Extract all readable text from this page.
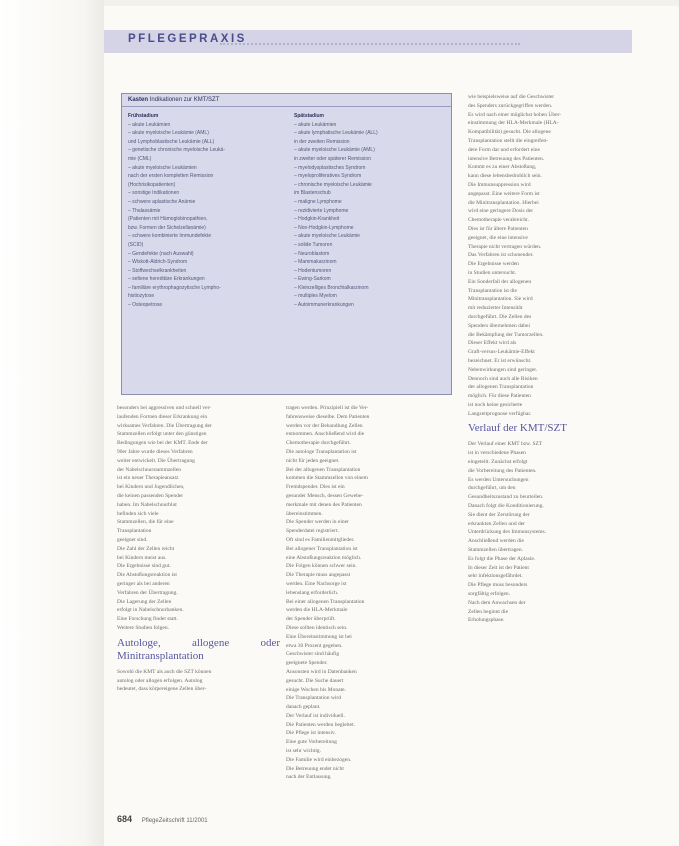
PFLEGEPRAXIS
Kasten Indikationen zur KMT/SZT
Frühstadium
– akute Leukämien
– akute myeloische Leukämie (AML)
und Lymphoblastische Leukämie (ALL)
– genetische chronische myeloische Leukä-
mie (CML)
– akute myeloische Leukämien
nach der ersten kompletten Remission
(Hochrisikopatienten)
– sonstige Indikationen
– schwere aplastische Anämie
– Thalassämie
(Patienten mit Hämoglobinopathien,
bzw. Formen der Sichelzellanämie)
– schwere kombinierte Immundefekte
(SCID)
– Gendefekte (nach Auswahl)
– Wiskott-Aldrich-Syndrom
– Stoffwechselkrankheiten
– seltene hereditäre Erkrankungen
– familiäre erythrophagozytische Lympho-
histiozytose
– Osteopetrose
Spätstadium
– akute Leukämien
– akute lymphatische Leukämie (ALL)
in der zweiten Remission
– akute myeloische Leukämie (AML)
in zweiter oder späterer Remission
– myelodysplastisches Syndrom
– myeloproliferatives Syndrom
– chronische myeloische Leukämie
im Blastenschub
– maligne Lymphome
– rezidivierte Lymphome
– Hodgkin-Krankheit
– Non-Hodgkin-Lymphome
– akute myeloische Leukämie
– solide Tumoren
– Neuroblastom
– Mammakarzinom
– Hodentumoren
– Ewing-Sarkom
– Kleinzelliges Bronchialkarzinom
– multiples Myelom
– Autoimmunerkrankungen
besonders bei aggressiven und schnell ver-
laufenden Formen dieser Erkrankung ein
wirksames Verfahren. Die Übertragung der
Stammzellen erfolgt unter den günstigen
Bedingungen wie bei der KMT. Ende der
90er Jahre wurde dieses Verfahren
weiter entwickelt. Die Übertragung
der Nabelschnurstammzellen
ist ein neuer Therapieansatz
bei Kindern und Jugendlichen,
die keinen passenden Spender
haben. Im Nabelschnurblut
befinden sich viele
Stammzellen, die für eine
Transplantation
geeignet sind.
Die Zahl der Zellen reicht
bei Kindern meist aus.
Die Ergebnisse sind gut.
Die Abstoßungsreaktion ist
geringer als bei anderen
Verfahren der Übertragung.
Die Lagerung der Zellen
erfolgt in Nabelschnurbanken.
Eine Forschung findet statt.
Weitere Studien folgen.
Autologe, allogene oder Minitransplantation
Sowohl die KMT als auch die SZT können
autolog oder allogen erfolgen. Autolog
bedeutet, dass körpereigene Zellen über-
tragen werden. Prinzipiell ist die Ver-
fahrensweise dieselbe. Dem Patienten
werden vor der Behandlung Zellen
entnommen. Anschließend wird die
Chemotherapie durchgeführt.
Die autologe Transplantation ist
nicht für jeden geeignet.
Bei der allogenen Transplantation
kommen die Stammzellen von einem
Fremdspender. Dies ist ein
gesunder Mensch, dessen Gewebe-
merkmale mit denen des Patienten
übereinstimmen.
Die Spender werden in einer
Spenderdatei registriert.
Oft sind es Familienmitglieder.
Bei allogener Transplantation ist
eine Abstoßungsreaktion möglich.
Die Folgen können schwer sein.
Die Therapie muss angepasst
werden. Eine Nachsorge ist
lebenslang erforderlich.
Bei einer allogenen Transplantation
werden die HLA-Merkmale
der Spender überprüft.
Diese sollten identisch sein.
Eine Übereinstimmung ist bei
etwa 30 Prozent gegeben.
Geschwister sind häufig
geeignete Spender.
Ansonsten wird in Datenbanken
gesucht. Die Suche dauert
einige Wochen bis Monate.
Die Transplantation wird
danach geplant.
Der Verlauf ist individuell.
Die Patienten werden begleitet.
Die Pflege ist intensiv.
Eine gute Vorbereitung
ist sehr wichtig.
Die Familie wird einbezogen.
Die Betreuung endet nicht
nach der Entlassung.
wie beispielsweise auf die Geschwister
des Spenders zurückgegriffen werden.
Es wird nach einer möglichst hohen Über-
einstimmung der HLA-Merkmale (HLA-
Kompatibilität) gesucht. Die allogene
Transplantation stellt die eingreifen-
dere Form dar und erfordert eine
intensive Betreuung des Patienten.
Kommt es zu einer Abstoßung,
kann diese lebensbedrohlich sein.
Die Immunsuppression wird
angepasst. Eine weitere Form ist
die Minitransplantation. Hierbei
wird eine geringere Dosis der
Chemotherapie verabreicht.
Dies ist für ältere Patienten
geeignet, die eine intensive
Therapie nicht vertragen würden.
Das Verfahren ist schonender.
Die Ergebnisse werden
in Studien untersucht.
Ein Sonderfall der allogenen
Transplantation ist die
Minitransplantation. Sie wird
mit reduzierter Intensität
durchgeführt. Die Zellen des
Spenders übernehmen dabei
die Bekämpfung der Tumorzellen.
Dieser Effekt wird als
Graft-versus-Leukämie-Effekt
bezeichnet. Er ist erwünscht.
Nebenwirkungen sind geringer.
Dennoch sind auch alle Risiken
der allogenen Transplantation
möglich. Für diese Patienten
ist noch keine gesicherte
Langzeitprognose verfügbar.
Verlauf der KMT/SZT
Der Verlauf einer KMT bzw. SZT
ist in verschiedene Phasen
eingeteilt. Zunächst erfolgt
die Vorbereitung des Patienten.
Es werden Untersuchungen
durchgeführt, um den
Gesundheitszustand zu beurteilen.
Danach folgt die Konditionierung.
Sie dient der Zerstörung der
erkrankten Zellen und der
Unterdrückung des Immunsystems.
Anschließend werden die
Stammzellen übertragen.
Es folgt die Phase der Aplasie.
In dieser Zeit ist der Patient
sehr infektionsgefährdet.
Die Pflege muss besonders
sorgfältig erfolgen.
Nach dem Anwachsen der
Zellen beginnt die
Erholungsphase.
684 PflegeZeitschrift 11/2001
